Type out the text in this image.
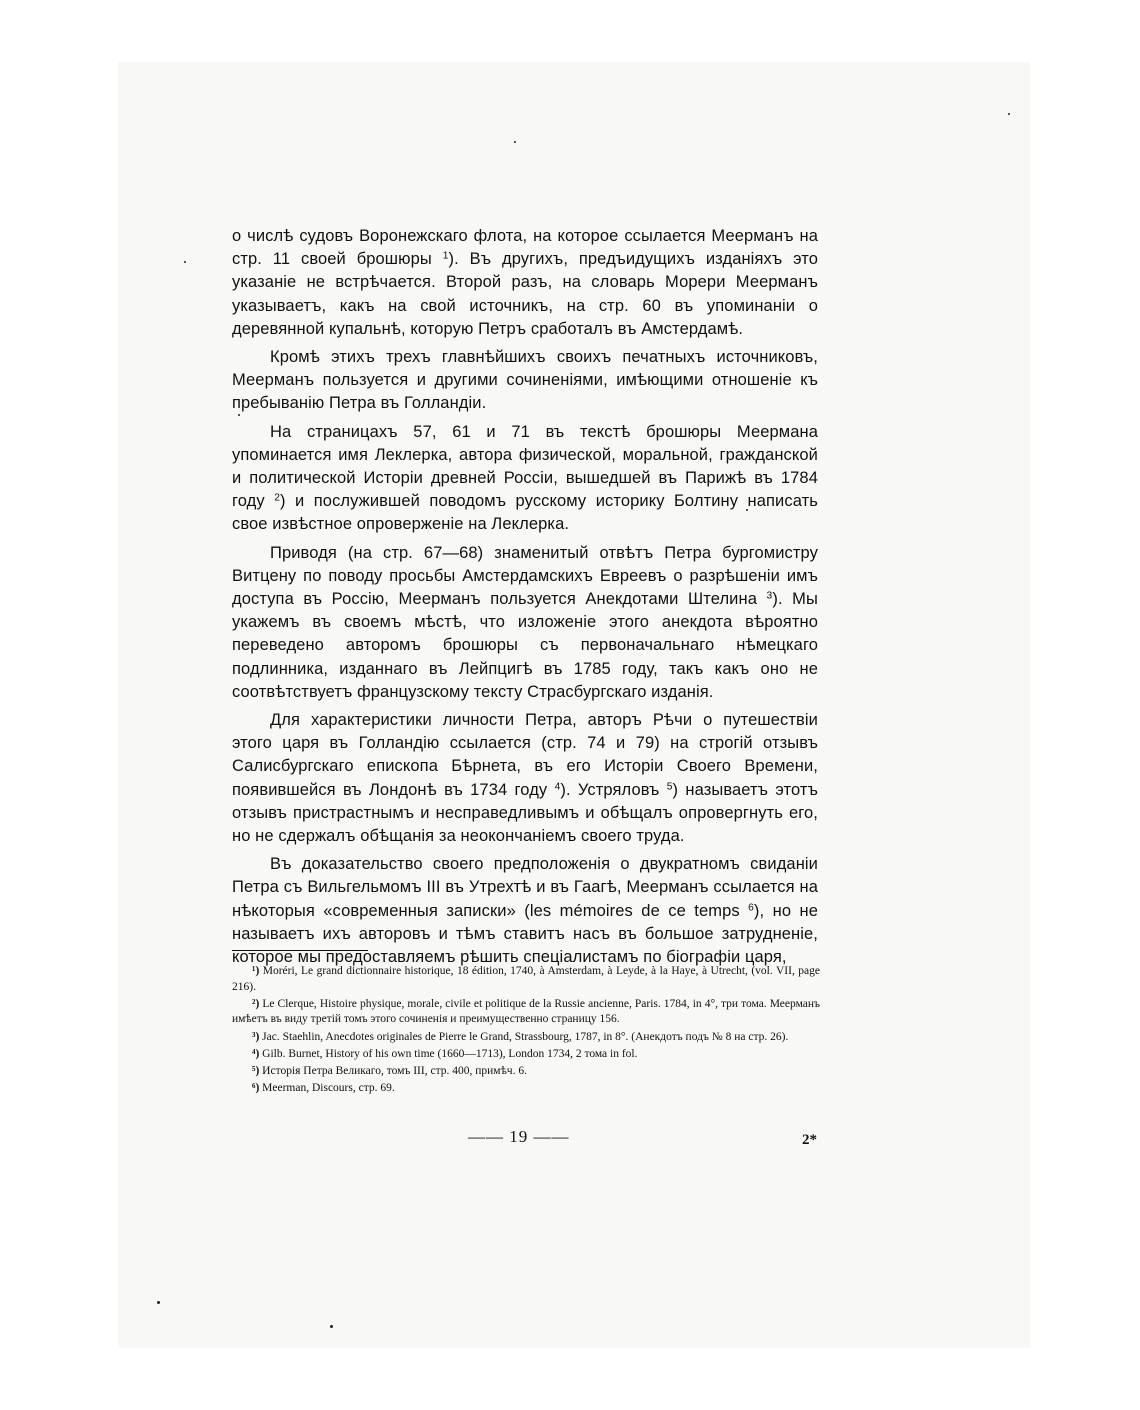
о числѣ судовъ Воронежскаго флота, на которое ссылается Меерманъ на стр. 11 своей брошюры $^1$). Въ другихъ, предъидущихъ изданіяхъ это указаніе не встрѣчается. Второй разъ, на словарь Морери Меерманъ указываетъ, какъ на свой источникъ, на стр. 60 въ упоминаніи о деревянной купальнѣ, которую Петръ сработалъ въ Амстердамѣ.

Кромѣ этихъ трехъ главнѣйшихъ своихъ печатныхъ источниковъ, Меерманъ пользуется и другими сочиненіями, имѣющими отношеніе къ пребыванію Петра въ Голландіи.

На страницахъ 57, 61 и 71 въ текстѣ брошюры Меермана упоминается имя Леклерка, автора физической, моральной, гражданской и политической Исторіи древней Россіи, вышедшей въ Парижѣ въ 1784 году $^2$) и послужившей поводомъ русскому историку Болтину написать свое извѣстное опроверженіе на Леклерка.

Приводя (на стр. 67—68) знаменитый отвѣтъ Петра бургомистру Витцену по поводу просьбы Амстердамскихъ Евреевъ о разрѣшеніи имъ доступа въ Россію, Меерманъ пользуется Анекдотами Штелина $^3$). Мы укажемъ въ своемъ мѣстѣ, что изложеніе этого анекдота вѣроятно переведено авторомъ брошюры съ первоначальнаго нѣмецкаго подлинника, изданнаго въ Лейпцигѣ въ 1785 году, такъ какъ оно не соотвѣтствуетъ французскому тексту Страсбургскаго изданія.

Для характеристики личности Петра, авторъ Рѣчи о путешествіи этого царя въ Голландію ссылается (стр. 74 и 79) на строгій отзывъ Салисбургскаго епископа Бѣрнета, въ его Исторіи Своего Времени, появившейся въ Лондонѣ въ 1734 году $^4$). Устряловъ $^5$) называетъ этотъ отзывъ пристрастнымъ и несправедливымъ и обѣщалъ опровергнуть его, но не сдержалъ обѣщанія за неокончаніемъ своего труда.

Въ доказательство своего предположенія о двукратномъ свиданіи Петра съ Вильгельмомъ III въ Утрехтѣ и въ Гаагѣ, Меерманъ ссылается на нѣкоторыя «современныя записки» (les mémoires de ce temps $^6$), но не называетъ ихъ авторовъ и тѣмъ ставитъ насъ въ большое затрудненіе, которое мы предоставляемъ рѣшить спеціалистамъ по біографіи царя,

¹) Moréri, Le grand dictionnaire historique, 18 édition, 1740, à Amsterdam, à Leyde, à la Haye, à Utrecht, (vol. VII, page 216).

²) Le Clerque, Histoire physique, morale, civile et politique de la Russie ancienne, Paris. 1784, in 4°, три тома. Меерманъ имѣетъ въ виду третій томъ этого сочиненія и преимущественно страницу 156.

³) Jac. Staehlin, Anecdotes originales de Pierre le Grand, Strassbourg, 1787, in 8°. (Анекдотъ подъ № 8 на стр. 26).

⁴) Gilb. Burnet, History of his own time (1660—1713), London 1734, 2 тома in fol.

⁵) Исторія Петра Великаго, томъ III, стр. 400, примѣч. 6.

⁶) Meerman, Discours, стр. 69.

—— 19 ——	2*
